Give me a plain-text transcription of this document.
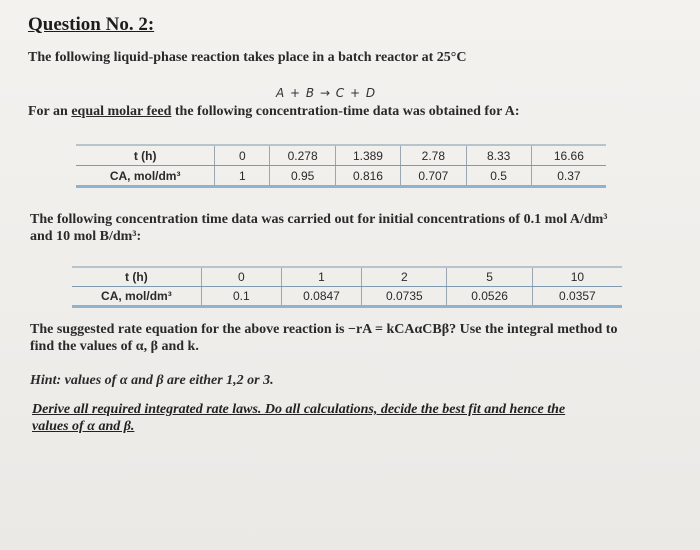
Question No. 2:
The following liquid-phase reaction takes place in a batch reactor at 25°C
A + B → C + D
For an equal molar feed the following concentration-time data was obtained for A:
t (h)	0	0.278	1.389	2.78	8.33	16.66
CA, mol/dm³	1	0.95	0.816	0.707	0.5	0.37
The following concentration time data was carried out for initial concentrations of 0.1 mol A/dm³
and 10 mol B/dm³:
t (h)	0	1	2	5	10
CA, mol/dm³	0.1	0.0847	0.0735	0.0526	0.0357
The suggested rate equation for the above reaction is −rA = kCAαCBβ? Use the integral method to
find the values of α, β and k.
Hint: values of α and β are either 1,2 or 3.
Derive all required integrated rate laws. Do all calculations, decide the best fit and hence the
values of α and β.
